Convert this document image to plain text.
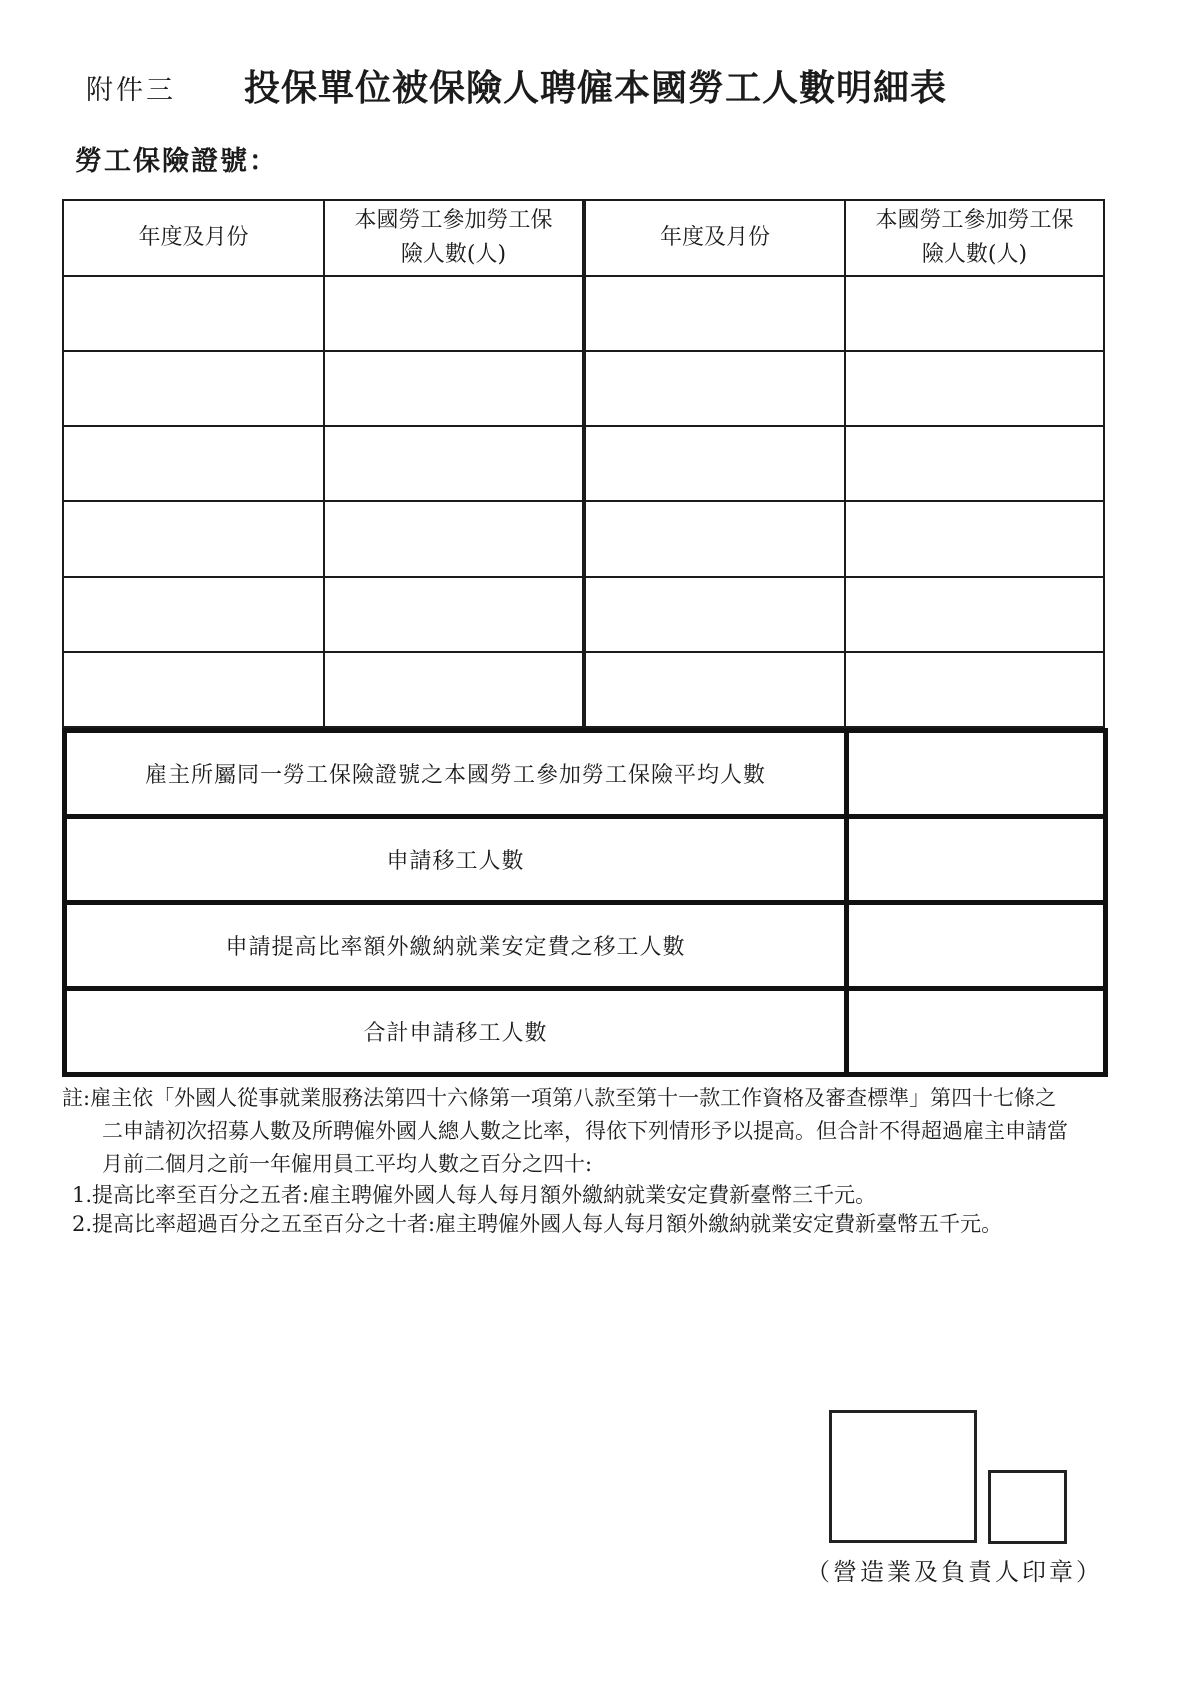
附件三 投保單位被保險人聘僱本國勞工人數明細表
勞工保險證號：
年度及月份	本國勞工參加勞工保險人數(人)	年度及月份	本國勞工參加勞工保險人數(人)

雇主所屬同一勞工保險證號之本國勞工參加勞工保險平均人數	
申請移工人數	
申請提高比率額外繳納就業安定費之移工人數	
合計申請移工人數	
註:雇主依「外國人從事就業服務法第四十六條第一項第八款至第十一款工作資格及審查標準」第四十七條之
二申請初次招募人數及所聘僱外國人總人數之比率，得依下列情形予以提高。但合計不得超過雇主申請當
月前二個月之前一年僱用員工平均人數之百分之四十:
1.提高比率至百分之五者:雇主聘僱外國人每人每月額外繳納就業安定費新臺幣三千元。
2.提高比率超過百分之五至百分之十者:雇主聘僱外國人每人每月額外繳納就業安定費新臺幣五千元。
（營造業及負責人印章）
